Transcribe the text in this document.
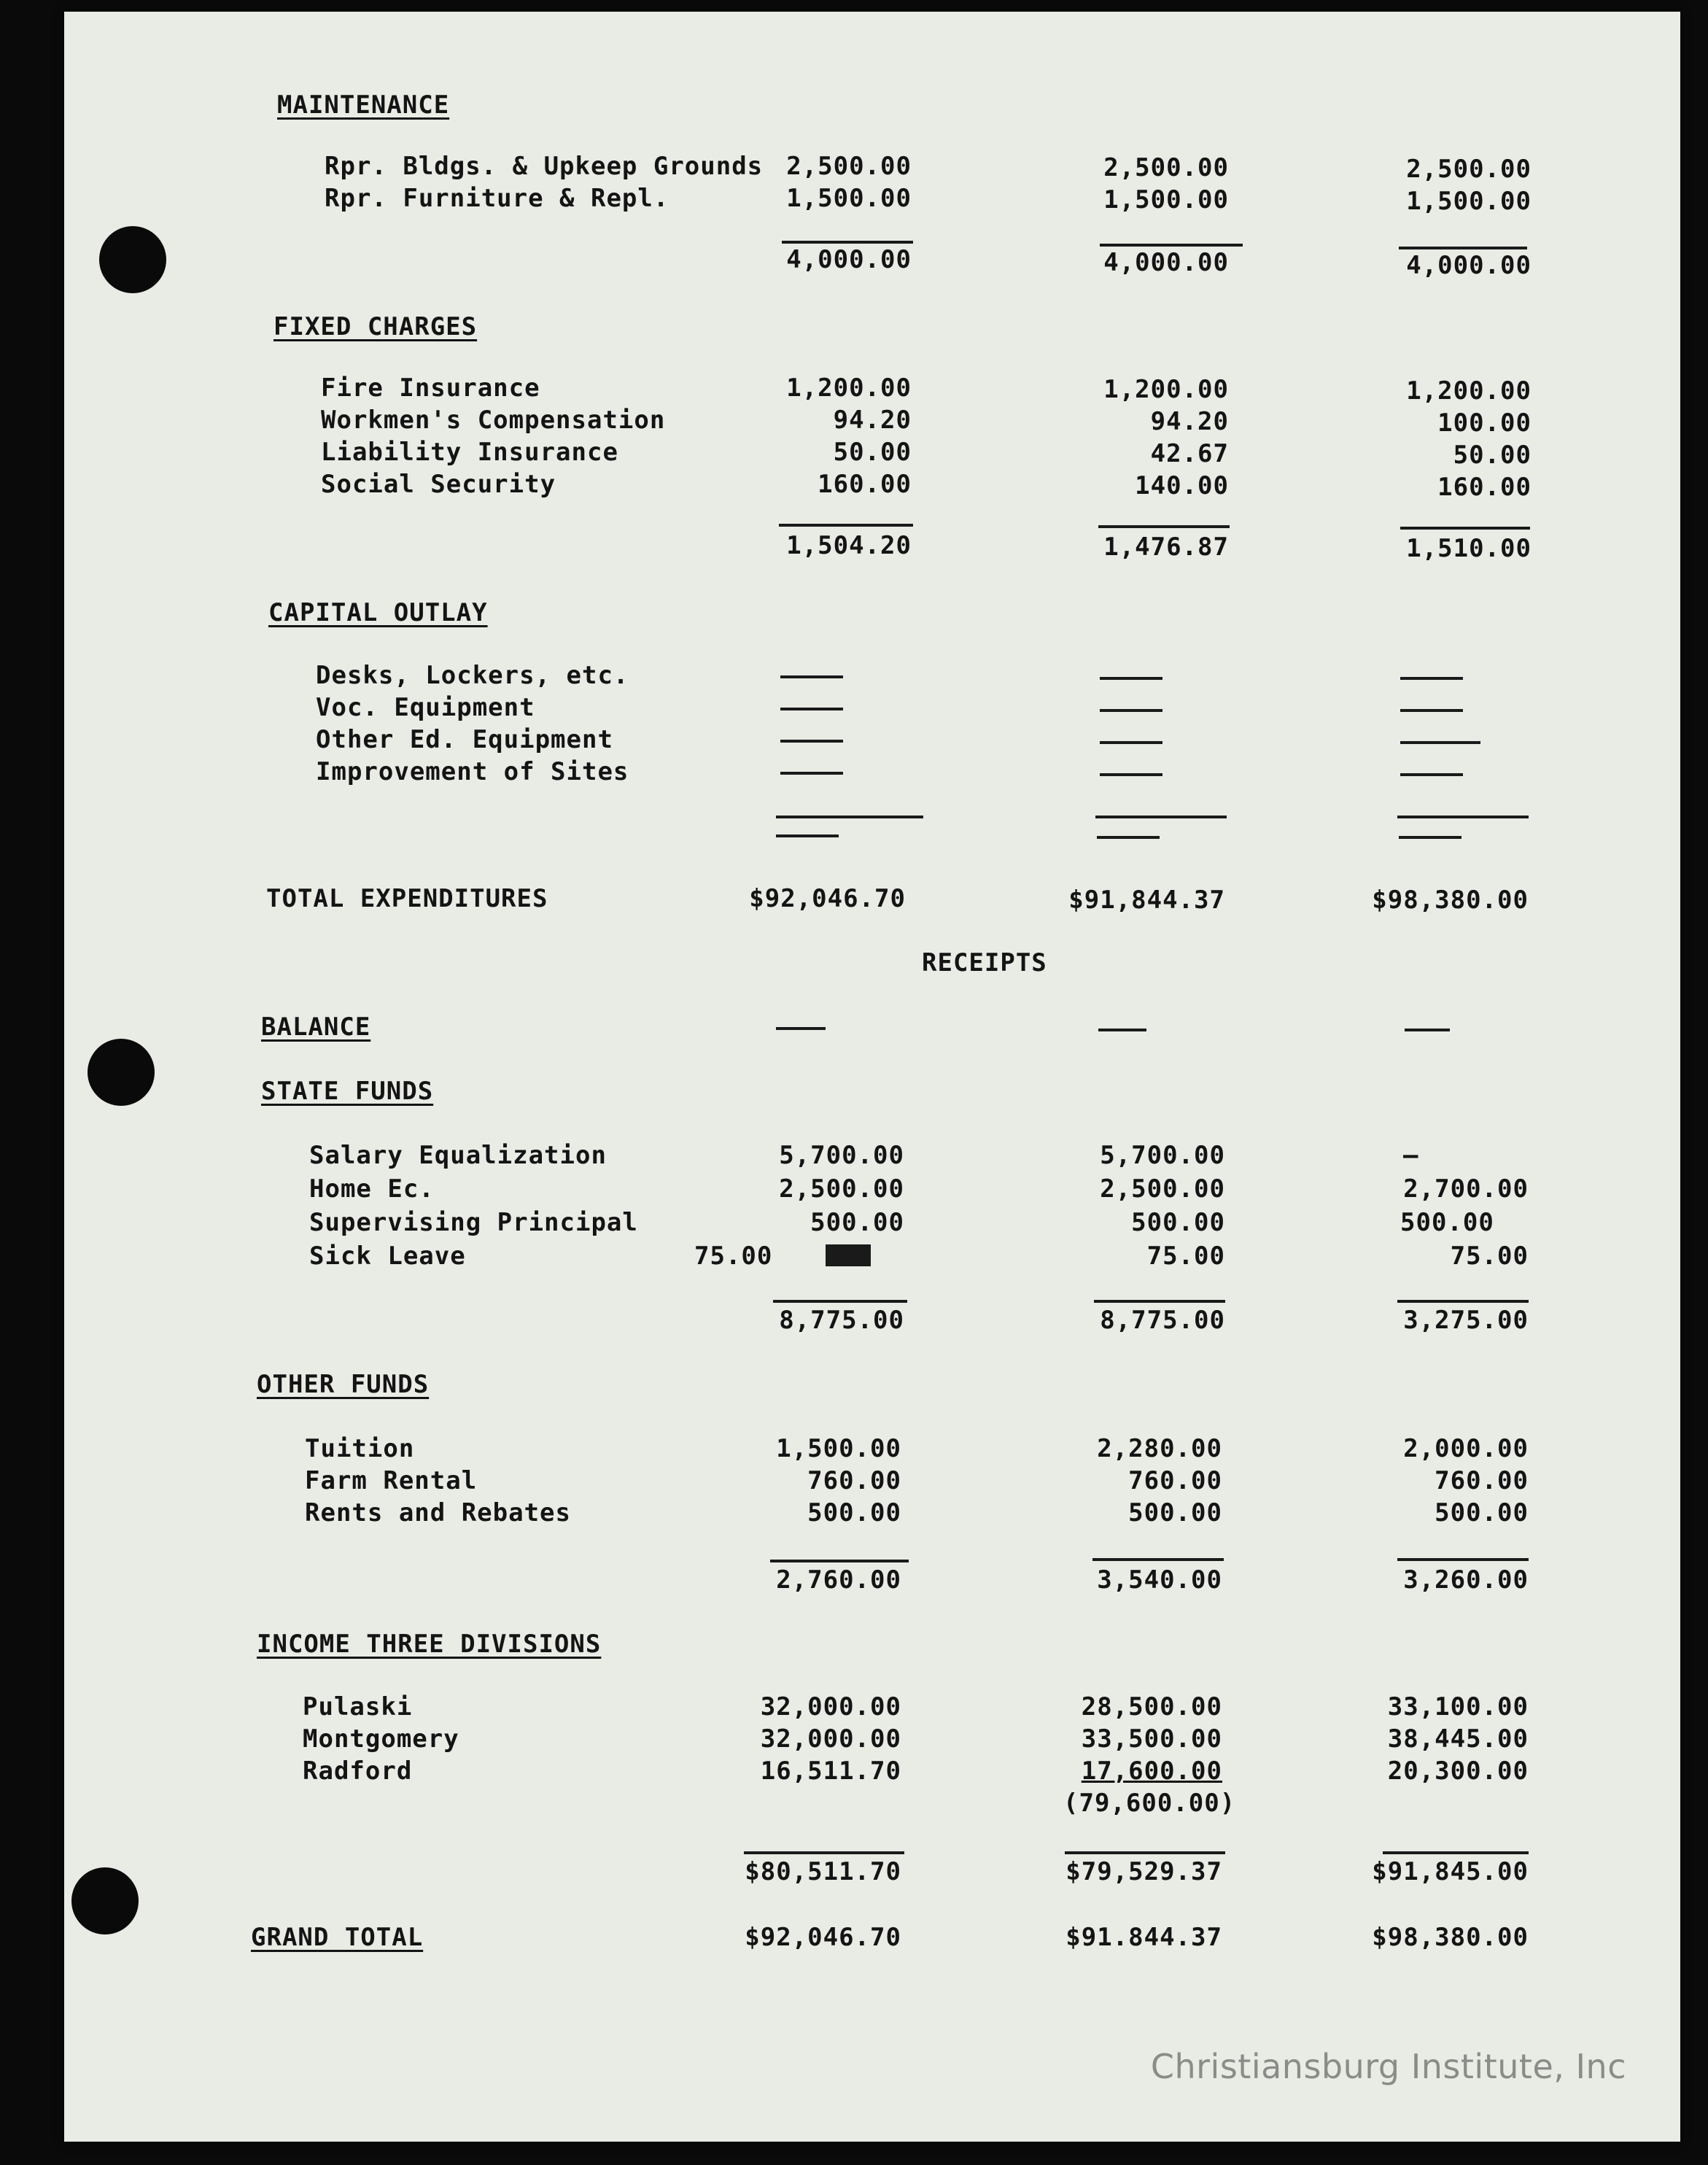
MAINTENANCE
Rpr. Bldgs. & Upkeep Grounds 2,500.00	2,500.00	2,500.00
Rpr. Furniture & Repl.	1,500.00	1,500.00	1,500.00
4,000.00	4,000.00	4,000.00
FIXED CHARGES
Fire Insurance	1,200.00	1,200.00	1,200.00
Workmen's Compensation	94.20	94.20	100.00
Liability Insurance	50.00	42.67	50.00
Social Security	160.00	140.00	160.00
1,504.20	1,476.87	1,510.00
CAPITAL OUTLAY
Desks, Lockers, etc.
Voc. Equipment
Other Ed. Equipment
Improvement of Sites
TOTAL EXPENDITURES	$92,046.70	$91,844.37	$98,380.00
RECEIPTS
BALANCE
STATE FUNDS
Salary Equalization	5,700.00	5,700.00	—
Home Ec.	2,500.00	2,500.00	2,700.00
Supervising Principal	500.00	500.00	500.00
Sick Leave	75.00	75.00	75.00
8,775.00	8,775.00	3,275.00
OTHER FUNDS
Tuition	1,500.00	2,280.00	2,000.00
Farm Rental	760.00	760.00	760.00
Rents and Rebates	500.00	500.00	500.00
2,760.00	3,540.00	3,260.00
INCOME THREE DIVISIONS
Pulaski	32,000.00	28,500.00	33,100.00
Montgomery	32,000.00	33,500.00	38,445.00
Radford	16,511.70	17,600.00	20,300.00
(79,600.00)
$80,511.70	$79,529.37	$91,845.00
GRAND TOTAL	$92,046.70	$91.844.37	$98,380.00
Christiansburg Institute, Inc
